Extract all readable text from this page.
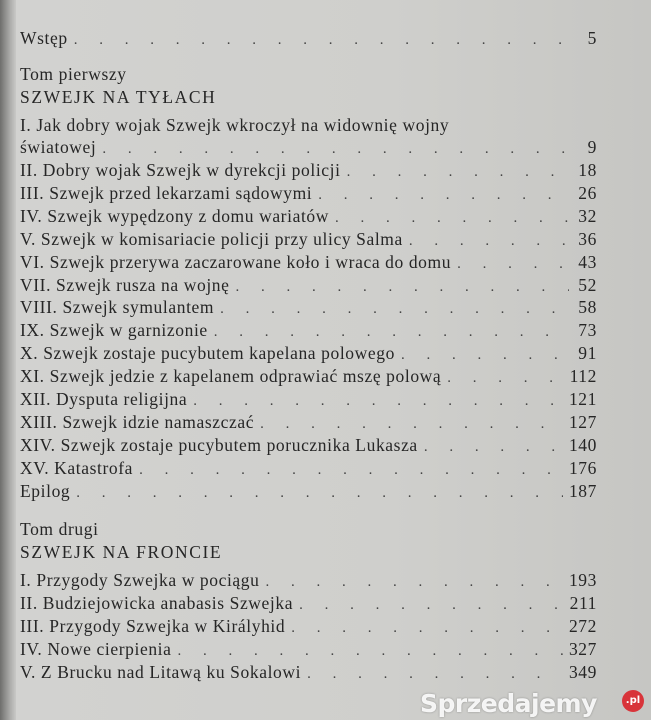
Wstęp . . .	5
Tom pierwszy
SZWEJK NA TYŁACH
I. Jak dobry wojak Szwejk wkroczył na widownię wojny
światowej . . .	9
II. Dobry wojak Szwejk w dyrekcji policji . . .	18
III. Szwejk przed lekarzami sądowymi . . .	26
IV. Szwejk wypędzony z domu wariatów . . .	32
V. Szwejk w komisariacie policji przy ulicy Salma . . .	36
VI. Szwejk przerywa zaczarowane koło i wraca do domu . . .	43
VII. Szwejk rusza na wojnę . . .	52
VIII. Szwejk symulantem . . .	58
IX. Szwejk w garnizonie . . .	73
X. Szwejk zostaje pucybutem kapelana polowego . . .	91
XI. Szwejk jedzie z kapelanem odprawiać mszę polową . . .	112
XII. Dysputa religijna . . .	121
XIII. Szwejk idzie namaszczać . . .	127
XIV. Szwejk zostaje pucybutem porucznika Lukasza . . .	140
XV. Katastrofa . . .	176
Epilog . . .	187
Tom drugi
SZWEJK NA FRONCIE
I. Przygody Szwejka w pociągu . . .	193
II. Budziejowicka anabasis Szwejka . . .	211
III. Przygody Szwejka w Királyhid . . .	272
IV. Nowe cierpienia . . .	327
V. Z Brucku nad Litawą ku Sokalowi . . .	349
Sprzedajemy	.pl
